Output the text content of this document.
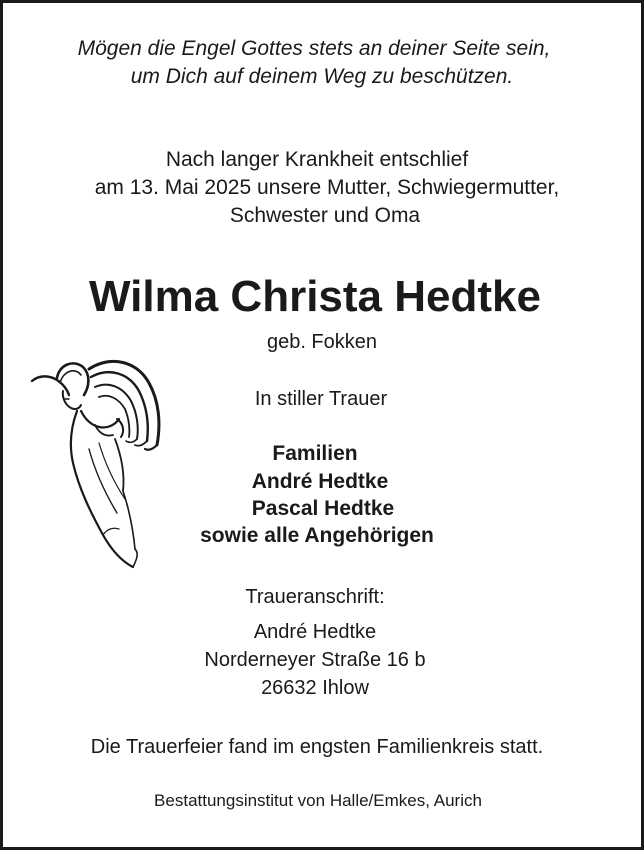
Mögen die Engel Gottes stets an deiner Seite sein,
um Dich auf deinem Weg zu beschützen.
Nach langer Krankheit entschlief
am 13. Mai 2025 unsere Mutter, Schwiegermutter,
Schwester und Oma
Wilma Christa Hedtke
geb. Fokken
In stiller Trauer
Familien
André Hedtke
Pascal Hedtke
sowie alle Angehörigen
Traueranschrift:
André Hedtke
Norderneyer Straße 16 b
26632 Ihlow
Die Trauerfeier fand im engsten Familienkreis statt.
Bestattungsinstitut von Halle/Emkes, Aurich
